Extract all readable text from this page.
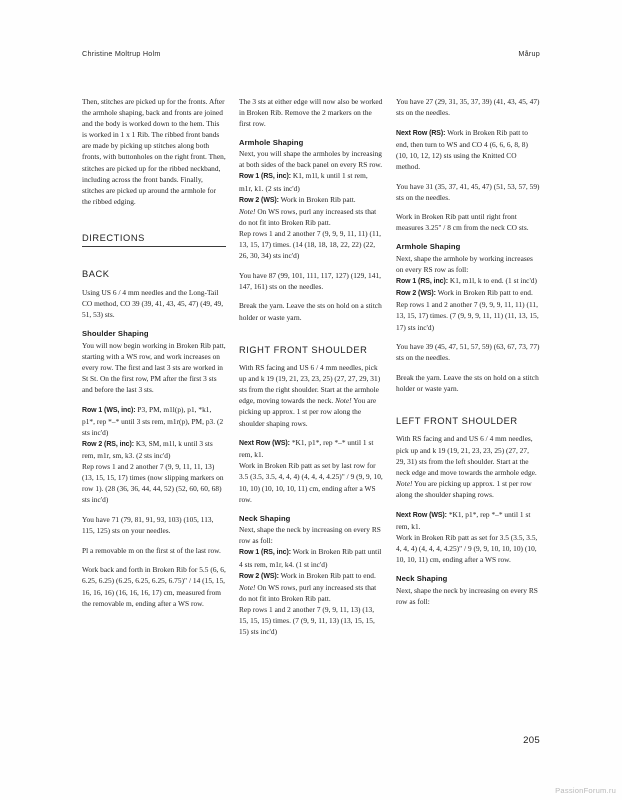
Christine Moltrup Holm	Mårup

Then, stitches are picked up for the fronts. After the armhole shaping, back and fronts are joined and the body is worked down to the hem. This is worked in 1 x 1 Rib. The ribbed front bands are made by picking up stitches along both fronts, with buttonholes on the right front. Then, stitches are picked up for the ribbed neckband, including across the front bands. Finally, stitches are picked up around the armhole for the ribbed edging.

DIRECTIONS
BACK

Using US 6 / 4 mm needles and the Long-Tail CO method, CO 39 (39, 41, 43, 45, 47) (49, 49, 51, 53) sts.

Shoulder Shaping

You will now begin working in Broken Rib patt, starting with a WS row, and work increases on every row. The first and last 3 sts are worked in St St. On the first row, PM after the first 3 sts and before the last 3 sts.

Row 1 (WS, inc): P3, PM, m1l(p), p1, *k1, p1*, rep *–* until 3 sts rem, m1r(p), PM, p3. (2 sts inc'd)

Row 2 (RS, inc): K3, SM, m1l, k until 3 sts rem, m1r, sm, k3. (2 sts inc'd)

Rep rows 1 and 2 another 7 (9, 9, 11, 11, 13) (13, 15, 15, 17) times (now slipping markers on row 1). (28 (36, 36, 44, 44, 52) (52, 60, 60, 68) sts inc'd)

You have 71 (79, 81, 91, 93, 103) (105, 113, 115, 125) sts on your needles.

Pl a removable m on the first st of the last row.

Work back and forth in Broken Rib for 5.5 (6, 6, 6.25, 6.25) (6.25, 6.25, 6.25, 6.75)" / 14 (15, 15, 16, 16, 16) (16, 16, 16, 17) cm, measured from the removable m, ending after a WS row.

The 3 sts at either edge will now also be worked in Broken Rib. Remove the 2 markers on the first row.

Armhole Shaping

Next, you will shape the armholes by increasing at both sides of the back panel on every RS row.

Row 1 (RS, inc): K1, m1l, k until 1 st rem, m1r, k1. (2 sts inc'd)

Row 2 (WS): Work in Broken Rib patt.

Note! On WS rows, purl any increased sts that do not fit into Broken Rib patt.

Rep rows 1 and 2 another 7 (9, 9, 9, 11, 11) (11, 13, 15, 17) times. (14 (18, 18, 18, 22, 22) (22, 26, 30, 34) sts inc'd)

You have 87 (99, 101, 111, 117, 127) (129, 141, 147, 161) sts on the needles.

Break the yarn. Leave the sts on hold on a stitch holder or waste yarn.

RIGHT FRONT SHOULDER

With RS facing and US 6 / 4 mm needles, pick up and k 19 (19, 21, 23, 23, 25) (27, 27, 29, 31) sts from the right shoulder. Start at the armhole edge, moving towards the neck. Note! You are picking up approx. 1 st per row along the shoulder shaping rows.

Next Row (WS): *K1, p1*, rep *–* until 1 st rem, k1.

Work in Broken Rib patt as set by last row for 3.5 (3.5, 3.5, 4, 4, 4) (4, 4, 4, 4.25)" / 9 (9, 9, 10, 10, 10) (10, 10, 10, 11) cm, ending after a WS row.

Neck Shaping

Next, shape the neck by increasing on every RS row as foll:

Row 1 (RS, inc): Work in Broken Rib patt until 4 sts rem, m1r, k4. (1 st inc'd)

Row 2 (WS): Work in Broken Rib patt to end.

Note! On WS rows, purl any increased sts that do not fit into Broken Rib patt.

Rep rows 1 and 2 another 7 (9, 9, 11, 13) (13, 15, 15, 15) times. (7 (9, 9, 11, 13) (13, 15, 15, 15) sts inc'd)

You have 27 (29, 31, 35, 37, 39) (41, 43, 45, 47) sts on the needles.

Next Row (RS): Work in Broken Rib patt to end, then turn to WS and CO 4 (6, 6, 6, 8, 8) (10, 10, 12, 12) sts using the Knitted CO method.

You have 31 (35, 37, 41, 45, 47) (51, 53, 57, 59) sts on the needles.

Work in Broken Rib patt until right front measures 3.25" / 8 cm from the neck CO sts.

Armhole Shaping

Next, shape the armhole by working increases on every RS row as foll:

Row 1 (RS, inc): K1, m1l, k to end. (1 st inc'd)

Row 2 (WS): Work in Broken Rib patt to end.

Rep rows 1 and 2 another 7 (9, 9, 9, 11, 11) (11, 13, 15, 17) times. (7 (9, 9, 9, 11, 11) (11, 13, 15, 17) sts inc'd)

You have 39 (45, 47, 51, 57, 59) (63, 67, 73, 77) sts on the needles.

Break the yarn. Leave the sts on hold on a stitch holder or waste yarn.

LEFT FRONT SHOULDER

With RS facing and and US 6 / 4 mm needles, pick up and k 19 (19, 21, 23, 23, 25) (27, 27, 29, 31) sts from the left shoulder. Start at the neck edge and move towards the armhole edge. Note! You are picking up approx. 1 st per row along the shoulder shaping rows.

Next Row (WS): *K1, p1*, rep *–* until 1 st rem, k1.

Work in Broken Rib patt as set for 3.5 (3.5, 3.5, 4, 4, 4) (4, 4, 4, 4.25)" / 9 (9, 9, 10, 10, 10) (10, 10, 10, 11) cm, ending after a WS row.

Neck Shaping

Next, shape the neck by increasing on every RS row as foll:

205
PassionForum.ru
